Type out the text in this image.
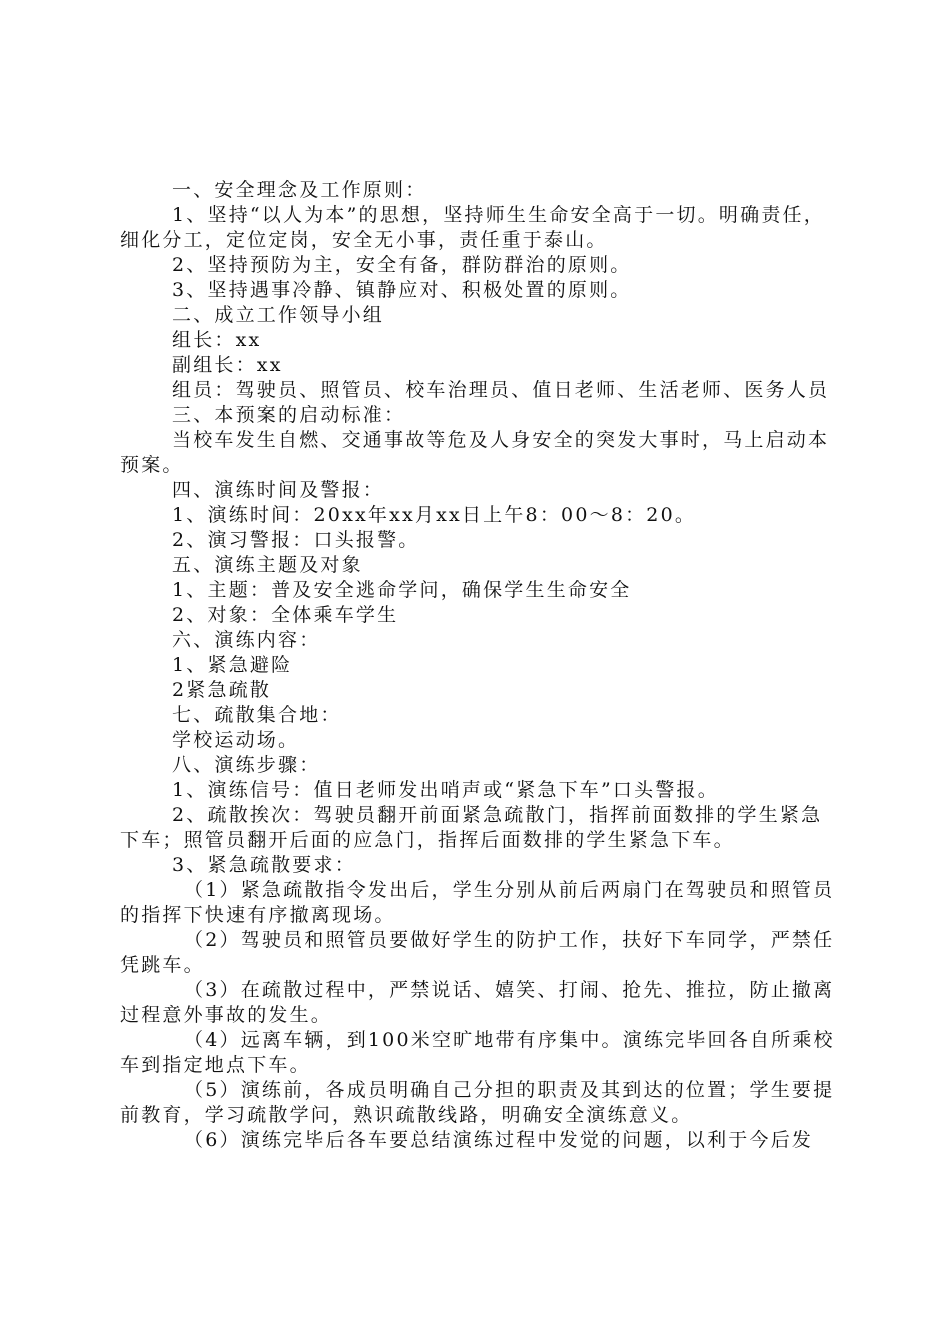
一、安全理念及工作原则：

1、坚持“以人为本”的思想，坚持师生生命安全高于一切。明确责任，细化分工，定位定岗，安全无小事，责任重于泰山。

2、坚持预防为主，安全有备，群防群治的原则。

3、坚持遇事冷静、镇静应对、积极处置的原则。

二、成立工作领导小组

组长：xx

副组长：xx

组员：驾驶员、照管员、校车治理员、值日老师、生活老师、医务人员

三、本预案的启动标准：

当校车发生自燃、交通事故等危及人身安全的突发大事时，马上启动本预案。

四、演练时间及警报：

1、演练时间：20xx年xx月xx日上午8：00～8：20。

2、演习警报：口头报警。

五、演练主题及对象

1、主题：普及安全逃命学问，确保学生生命安全

2、对象：全体乘车学生

六、演练内容：

1、紧急避险

2紧急疏散

七、疏散集合地：

学校运动场。

八、演练步骤：

1、演练信号：值日老师发出哨声或“紧急下车”口头警报。

2、疏散挨次：驾驶员翻开前面紧急疏散门，指挥前面数排的学生紧急下车；照管员翻开后面的应急门，指挥后面数排的学生紧急下车。

3、紧急疏散要求：

（1）紧急疏散指令发出后，学生分别从前后两扇门在驾驶员和照管员的指挥下快速有序撤离现场。

（2）驾驶员和照管员要做好学生的防护工作，扶好下车同学，严禁任凭跳车。

（3）在疏散过程中，严禁说话、嬉笑、打闹、抢先、推拉，防止撤离过程意外事故的发生。

（4）远离车辆，到100米空旷地带有序集中。演练完毕回各自所乘校车到指定地点下车。

（5）演练前，各成员明确自己分担的职责及其到达的位置；学生要提前教育，学习疏散学问，熟识疏散线路，明确安全演练意义。

（6）演练完毕后各车要总结演练过程中发觉的问题，以利于今后发
